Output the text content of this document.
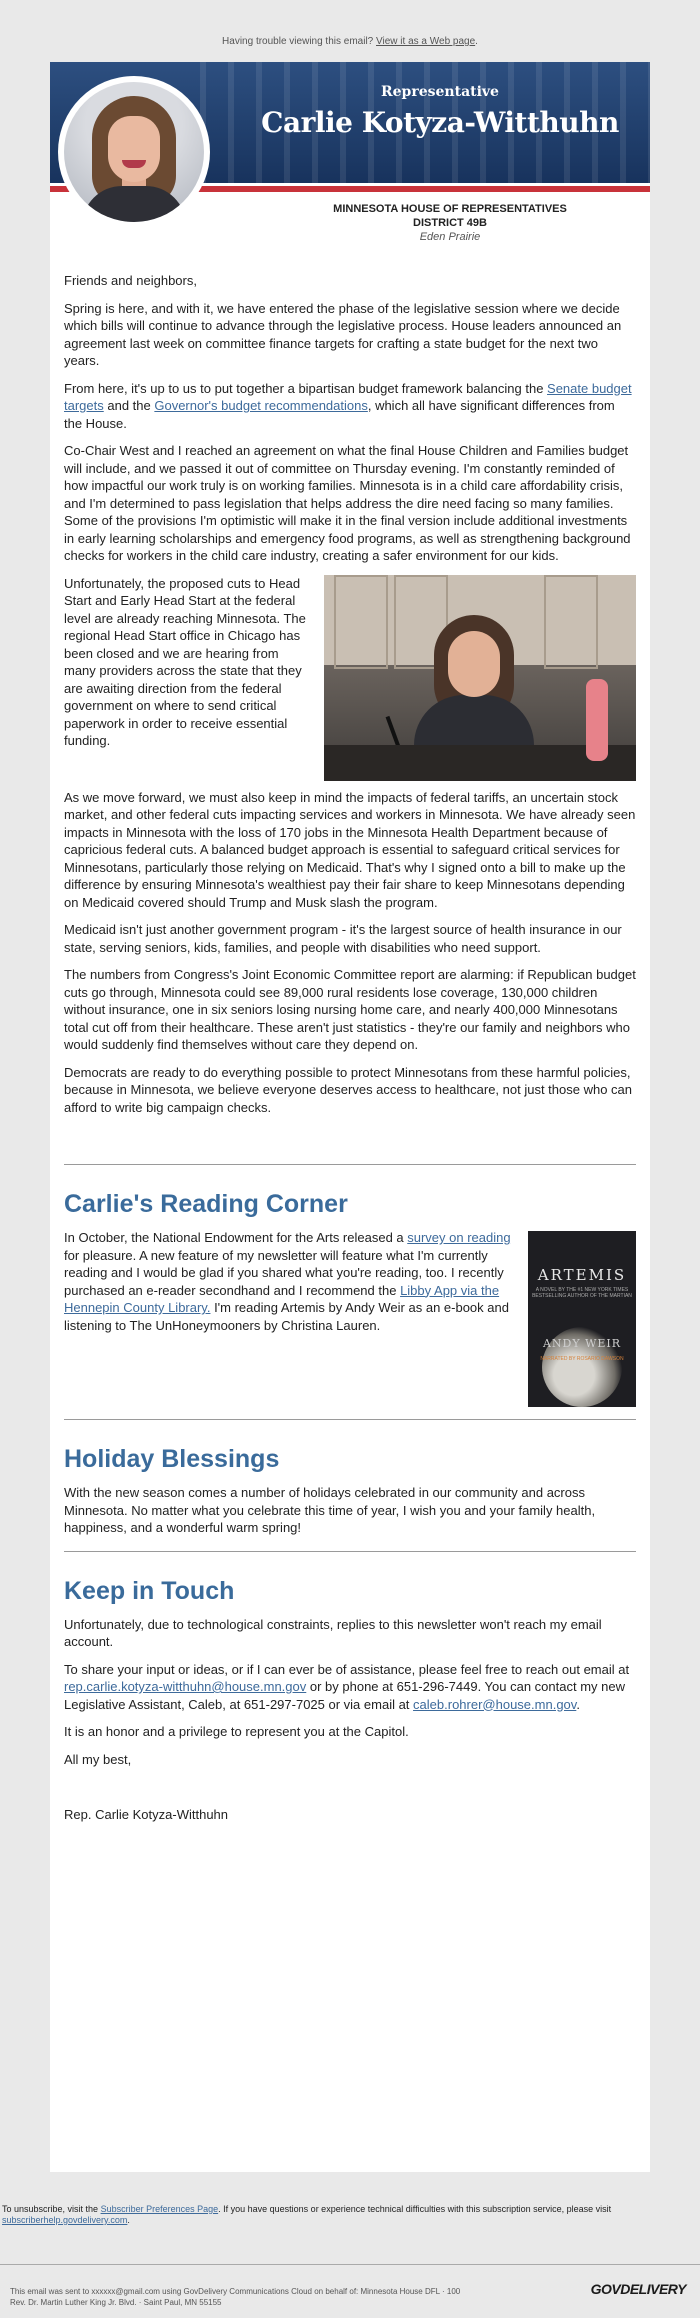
Having trouble viewing this email? View it as a Web page.
Representative
Carlie Kotyza-Witthuhn
MINNESOTA HOUSE OF REPRESENTATIVES
DISTRICT 49B
Eden Prairie

Friends and neighbors,

Spring is here, and with it, we have entered the phase of the legislative session where we decide which bills will continue to advance through the legislative process. House leaders announced an agreement last week on committee finance targets for crafting a state budget for the next two years.

From here, it's up to us to put together a bipartisan budget framework balancing the Senate budget targets and the Governor's budget recommendations, which all have significant differences from the House.

Co-Chair West and I reached an agreement on what the final House Children and Families budget will include, and we passed it out of committee on Thursday evening. I'm constantly reminded of how impactful our work truly is on working families. Minnesota is in a child care affordability crisis, and I'm determined to pass legislation that helps address the dire need facing so many families. Some of the provisions I'm optimistic will make it in the final version include additional investments in early learning scholarships and emergency food programs, as well as strengthening background checks for workers in the child care industry, creating a safer environment for our kids.

Unfortunately, the proposed cuts to Head Start and Early Head Start at the federal level are already reaching Minnesota. The regional Head Start office in Chicago has been closed and we are hearing from many providers across the state that they are awaiting direction from the federal government on where to send critical paperwork in order to receive essential funding.

As we move forward, we must also keep in mind the impacts of federal tariffs, an uncertain stock market, and other federal cuts impacting services and workers in Minnesota. We have already seen impacts in Minnesota with the loss of 170 jobs in the Minnesota Health Department because of capricious federal cuts. A balanced budget approach is essential to safeguard critical services for Minnesotans, particularly those relying on Medicaid. That's why I signed onto a bill to make up the difference by ensuring Minnesota's wealthiest pay their fair share to keep Minnesotans depending on Medicaid covered should Trump and Musk slash the program.

Medicaid isn't just another government program - it's the largest source of health insurance in our state, serving seniors, kids, families, and people with disabilities who need support.

The numbers from Congress's Joint Economic Committee report are alarming: if Republican budget cuts go through, Minnesota could see 89,000 rural residents lose coverage, 130,000 children without insurance, one in six seniors losing nursing home care, and nearly 400,000 Minnesotans total cut off from their healthcare. These aren't just statistics - they're our family and neighbors who would suddenly find themselves without care they depend on.

Democrats are ready to do everything possible to protect Minnesotans from these harmful policies, because in Minnesota, we believe everyone deserves access to healthcare, not just those who can afford to write big campaign checks.

Carlie's Reading Corner
ARTEMIS
A NOVEL BY THE #1 NEW YORK TIMES BESTSELLING AUTHOR OF THE MARTIAN
ANDY WEIR
NARRATED BY ROSARIO DAWSON

In October, the National Endowment for the Arts released a survey on reading for pleasure. A new feature of my newsletter will feature what I'm currently reading and I would be glad if you shared what you're reading, too. I recently purchased an e-reader secondhand and I recommend the Libby App via the Hennepin County Library. I'm reading Artemis by Andy Weir as an e-book and listening to The UnHoneymooners by Christina Lauren.

Holiday Blessings

With the new season comes a number of holidays celebrated in our community and across Minnesota. No matter what you celebrate this time of year, I wish you and your family health, happiness, and a wonderful warm spring!

Keep in Touch

Unfortunately, due to technological constraints, replies to this newsletter won't reach my email account.

To share your input or ideas, or if I can ever be of assistance, please feel free to reach out email at rep.carlie.kotyza-witthuhn@house.mn.gov or by phone at 651-296-7449. You can contact my new Legislative Assistant, Caleb, at 651-297-7025 or via email at caleb.rohrer@house.mn.gov.

It is an honor and a privilege to represent you at the Capitol.

All my best,

Rep. Carlie Kotyza-Witthuhn

To unsubscribe, visit the Subscriber Preferences Page. If you have questions or experience technical difficulties with this subscription service, please visit subscriberhelp.govdelivery.com.
This email was sent to xxxxxx@gmail.com using GovDelivery Communications Cloud on behalf of: Minnesota House DFL · 100
Rev. Dr. Martin Luther King Jr. Blvd. · Saint Paul, MN 55155
GOVDELIVERY
